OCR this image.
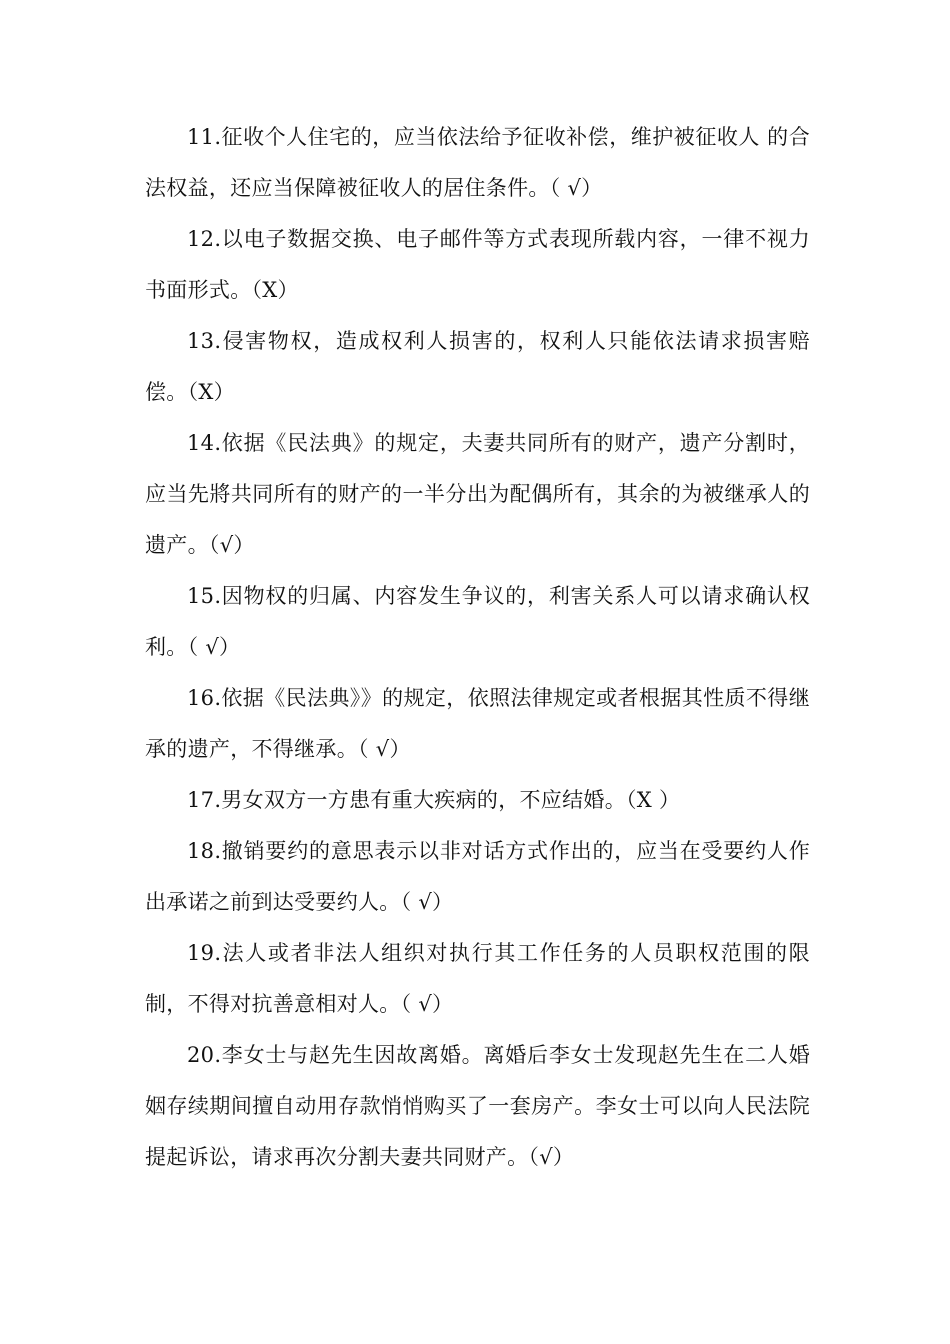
11.征收个人住宅的，应当依法给予征收补偿，维护被征收人 的合法权益，还应当保障被征收人的居住条件。（ √）

12.以电子数据交换、电子邮件等方式表现所载内容，一律不视力书面形式。（X）

13.侵害物权，造成权利人损害的，权利人只能依法请求损害赔偿。（X）

14.依据《民法典》的规定，夫妻共同所有的财产，遗产分割时，应当先將共同所有的财产的一半分出为配偶所有，其余的为被继承人的遗产。（√）

15.因物权的归属、内容发生争议的，利害关系人可以请求确认权利。（ √）

16.依据《民法典》》的规定，依照法律规定或者根据其性质不得继承的遗产，不得继承。（ √）

17.男女双方一方患有重大疾病的，不应结婚。（X ）

18.撤销要约的意思表示以非对话方式作出的，应当在受要约人作出承诺之前到达受要约人。（ √）

19.法人或者非法人组织对执行其工作任务的人员职权范围的限制，不得对抗善意相对人。（ √）

20.李女士与赵先生因故离婚。离婚后李女士发现赵先生在二人婚姻存续期间擅自动用存款悄悄购买了一套房产。李女士可以向人民法院提起诉讼，请求再次分割夫妻共同财产。（√）
